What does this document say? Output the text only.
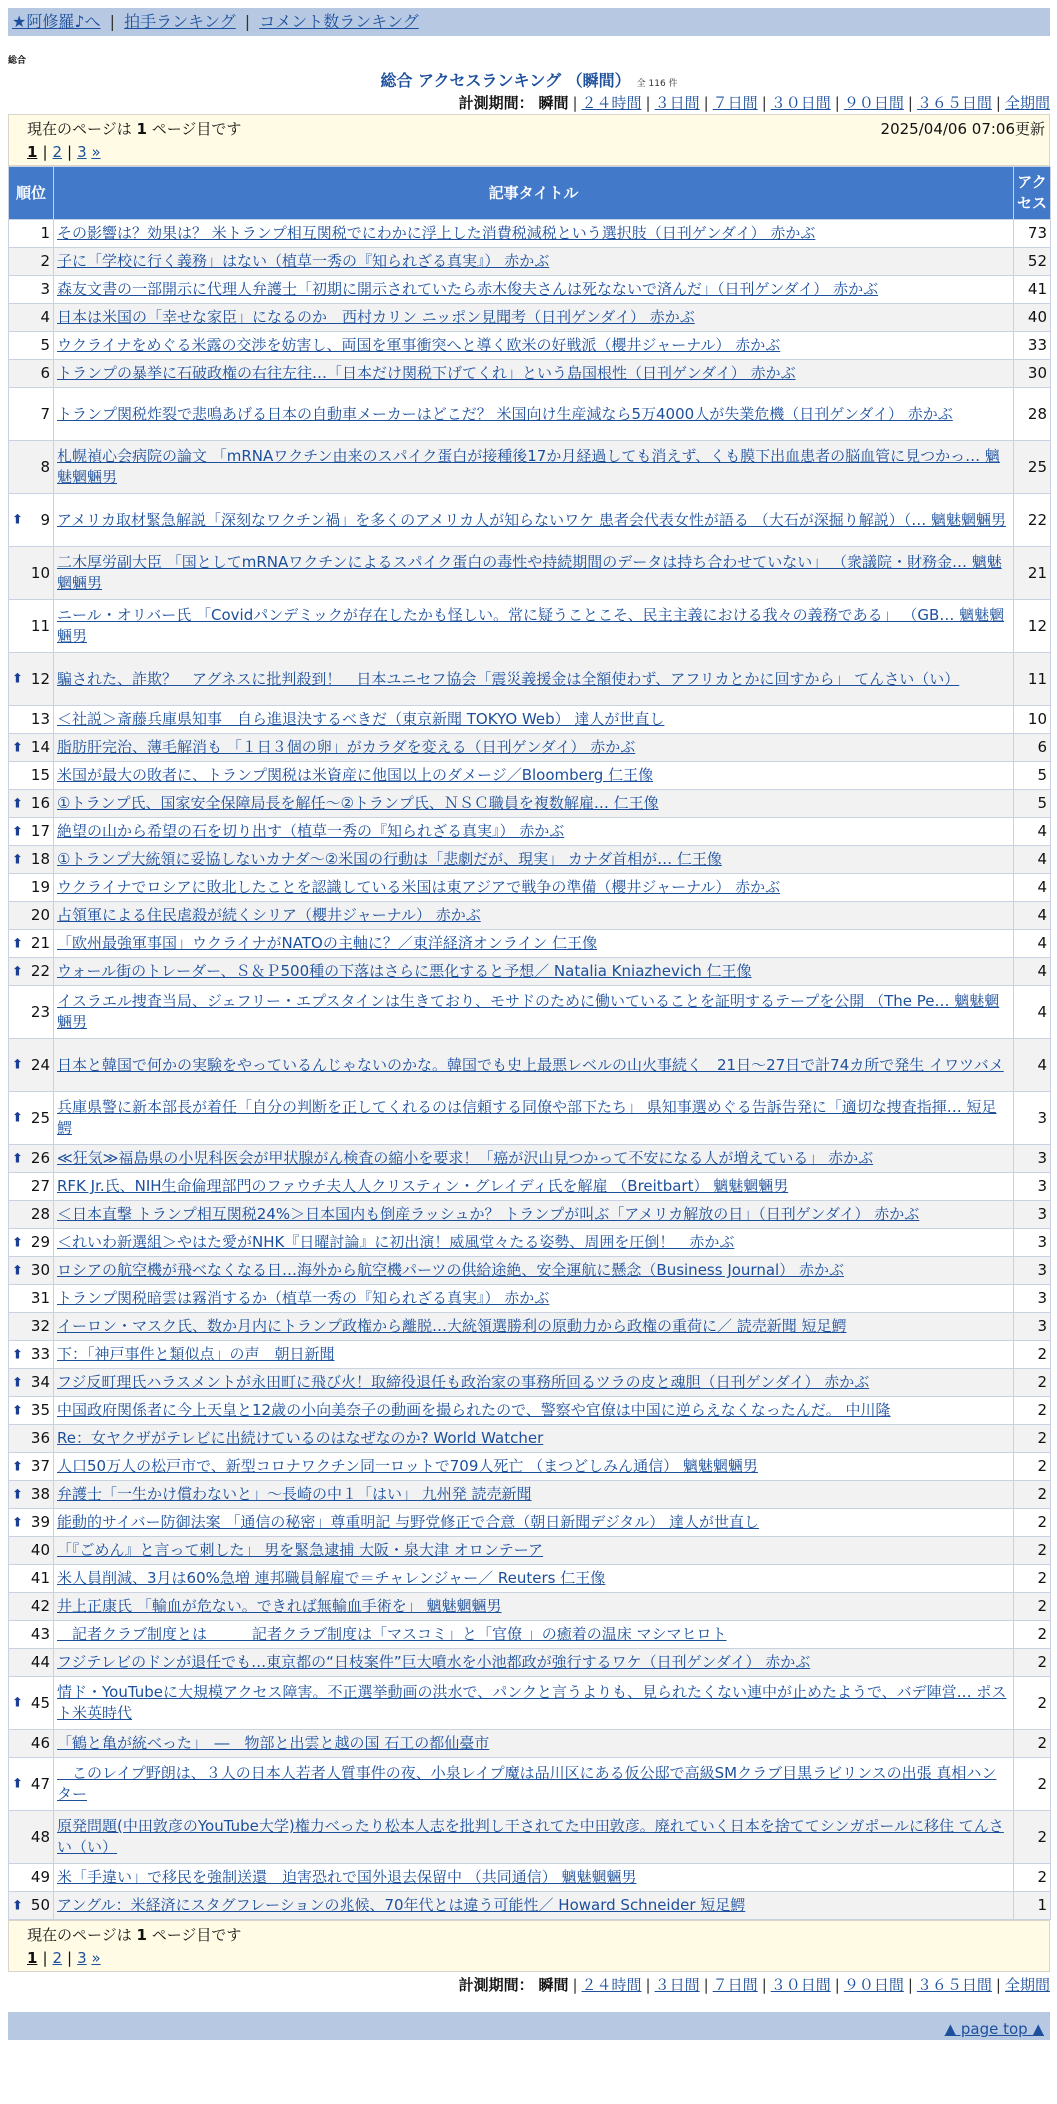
★阿修羅♪へ | 拍手ランキング | コメント数ランキング
総合
総合 アクセスランキング （瞬間） 全 116 件
計測期間： 瞬間 | ２４時間 | ３日間 | ７日間 | ３０日間 | ９０日間 | ３６５日間 | 全期間
現在のページは 1 ページ目です	2025/04/06 07:06更新
1 | 2 | 3 »
順位	記事タイトル	アクセス
1	その影響は？効果は？ 米トランプ相互関税でにわかに浮上した消費税減税という選択肢（日刊ゲンダイ） 赤かぶ	73
2	子に「学校に行く義務」はない（植草一秀の『知られざる真実』） 赤かぶ	52
3	森友文書の一部開示に代理人弁護士「初期に開示されていたら赤木俊夫さんは死なないで済んだ」（日刊ゲンダイ） 赤かぶ	41
4	日本は米国の「幸せな家臣」になるのか　西村カリン ニッポン見聞考（日刊ゲンダイ） 赤かぶ	40
5	ウクライナをめぐる米露の交渉を妨害し、両国を軍事衝突へと導く欧米の好戦派（櫻井ジャーナル） 赤かぶ	33
6	トランプの暴挙に石破政権の右往左往…「日本だけ関税下げてくれ」という島国根性（日刊ゲンダイ） 赤かぶ	30
7	トランプ関税炸裂で悲鳴あげる日本の自動車メーカーはどこだ？ 米国向け生産減なら5万4000人が失業危機（日刊ゲンダイ） 赤かぶ	28
8	札幌禎心会病院の論文 「mRNAワクチン由来のスパイク蛋白が接種後17か月経過しても消えず、くも膜下出血患者の脳血管に見つかっ… 魑魅魍魎男	25

⬆ 9	アメリカ取材緊急解説「深刻なワクチン禍」を多くのアメリカ人が知らないワケ 患者会代表女性が語る （大石が深掘り解説）（… 魑魅魍魎男	22
10	二木厚労副大臣 「国としてmRNAワクチンによるスパイク蛋白の毒性や持続期間のデータは持ち合わせていない」 （衆議院・財務金… 魑魅魍魎男	21
11	ニール・オリバー氏 「Covidパンデミックが存在したかも怪しい。常に疑うことこそ、民主主義における我々の義務である」 （GB… 魑魅魍魎男	12

⬆ 12	騙された、詐欺？　アグネスに批判殺到！　日本ユニセフ協会「震災義援金は全額使わず、アフリカとかに回すから」 てんさい（い）	11
13	＜社説＞斎藤兵庫県知事　自ら進退決するべきだ（東京新聞 TOKYO Web） 達人が世直し	10

⬆ 14	脂肪肝完治、薄毛解消も 「１日３個の卵」がカラダを変える（日刊ゲンダイ） 赤かぶ	6
15	米国が最大の敗者に、トランプ関税は米資産に他国以上のダメージ／Bloomberg 仁王像	5

⬆ 16	①トランプ氏、国家安全保障局長を解任～②トランプ氏、ＮＳＣ職員を複数解雇… 仁王像	5

⬆ 17	絶望の山から希望の石を切り出す（植草一秀の『知られざる真実』） 赤かぶ	4

⬆ 18	①トランプ大統領に妥協しないカナダ～②米国の行動は「悲劇だが、現実」 カナダ首相が… 仁王像	4
19	ウクライナでロシアに敗北したことを認識している米国は東アジアで戦争の準備（櫻井ジャーナル） 赤かぶ	4
20	占領軍による住民虐殺が続くシリア（櫻井ジャーナル） 赤かぶ	4

⬆ 21	「欧州最強軍事国」ウクライナがNATOの主軸に？／東洋経済オンライン 仁王像	4

⬆ 22	ウォール街のトレーダー、Ｓ＆Ｐ500種の下落はさらに悪化すると予想／ Natalia Kniazhevich 仁王像	4
23	イスラエル捜査当局、ジェフリー・エプスタインは生きており、モサドのために働いていることを証明するテープを公開 （The Pe… 魑魅魍魎男	4

⬆ 24	日本と韓国で何かの実験をやっているんじゃないのかな。韓国でも史上最悪レベルの山火事続く　21日～27日で計74カ所で発生 イワツバメ	4

⬆ 25	兵庫県警に新本部長が着任「自分の判断を正してくれるのは信頼する同僚や部下たち」 県知事選めぐる告訴告発に「適切な捜査指揮… 短足鰐	3

⬆ 26	≪狂気≫福島県の小児科医会が甲状腺がん検査の縮小を要求！「癌が沢山見つかって不安になる人が増えている」 赤かぶ	3
27	RFK Jr.氏、NIH生命倫理部門のファウチ夫人人クリスティン・グレイディ氏を解雇 （Breitbart） 魑魅魍魎男	3
28	＜日本直撃 トランプ相互関税24%＞日本国内も倒産ラッシュか？ トランプが叫ぶ「アメリカ解放の日」（日刊ゲンダイ） 赤かぶ	3

⬆ 29	＜れいわ新選組＞やはた愛がNHK『日曜討論』に初出演！威風堂々たる姿勢、周囲を圧倒！　赤かぶ	3

⬆ 30	ロシアの航空機が飛べなくなる日…海外から航空機パーツの供給途絶、安全運航に懸念（Business Journal） 赤かぶ	3
31	トランプ関税暗雲は霧消するか（植草一秀の『知られざる真実』） 赤かぶ	3
32	イーロン・マスク氏、数か月内にトランプ政権から離脱…大統領選勝利の原動力から政権の重荷に／ 読売新聞 短足鰐	3

⬆ 33	下：「神戸事件と類似点」の声　朝日新聞	2

⬆ 34	フジ反町理氏ハラスメントが永田町に飛び火！取締役退任も政治家の事務所回るツラの皮と魂胆（日刊ゲンダイ） 赤かぶ	2

⬆ 35	中国政府関係者に今上天皇と12歳の小向美奈子の動画を撮られたので、警察や官僚は中国に逆らえなくなったんだ。 中川隆	2
36	Re：女ヤクザがテレビに出続けているのはなぜなのか? World Watcher	2

⬆ 37	人口50万人の松戸市で、新型コロナワクチン同一ロットで709人死亡 （まつどしみん通信） 魑魅魍魎男	2

⬆ 38	弁護士「一生かけ償わないと」～長崎の中１「はい」 九州発 読売新聞	2

⬆ 39	能動的サイバー防御法案 「通信の秘密」尊重明記 与野党修正で合意（朝日新聞デジタル） 達人が世直し	2
40	「『ごめん』と言って刺した」 男を緊急逮捕 大阪・泉大津 オロンテーア	2
41	米人員削減、3月は60%急増 連邦職員解雇で＝チャレンジャー／ Reuters 仁王像	2
42	井上正康氏 「輸血が危ない。できれば無輸血手術を」 魑魅魍魎男	2
43	　記者クラブ制度とは　　　記者クラブ制度は「マスコミ」と「官僚 」の癒着の温床 マシマヒロト	2
44	フジテレビのドンが退任でも…東京都の“日枝案件”巨大噴水を小池都政が強行するワケ（日刊ゲンダイ） 赤かぶ	2

⬆ 45	情ド・YouTubeに大規模アクセス障害。不正選挙動画の洪水で、パンクと言うよりも、見られたくない連中が止めたようで、バデ陣営… ポスト米英時代	2
46	「鶴と亀が統べった」　―　物部と出雲と越の国 石工の都仙臺市	2

⬆ 47	　このレイプ野朗は、３人の日本人若者人質事件の夜、小泉レイプ魔は品川区にある仮公邸で高級SMクラブ目黒ラビリンスの出張 真相ハンター	2
48	原発問題(中田敦彦のYouTube大学)権力べったり松本人志を批判し干されてた中田敦彦。廃れていく日本を捨ててシンガポールに移住 てんさい（い）	2
49	米「手違い」で移民を強制送還　迫害恐れで国外退去保留中 （共同通信） 魑魅魍魎男	2

⬆ 50	アングル：米経済にスタグフレーションの兆候、70年代とは違う可能性／ Howard Schneider 短足鰐	1
現在のページは 1 ページ目です
1 | 2 | 3 »
計測期間： 瞬間 | ２４時間 | ３日間 | ７日間 | ３０日間 | ９０日間 | ３６５日間 | 全期間
▲ page top ▲
